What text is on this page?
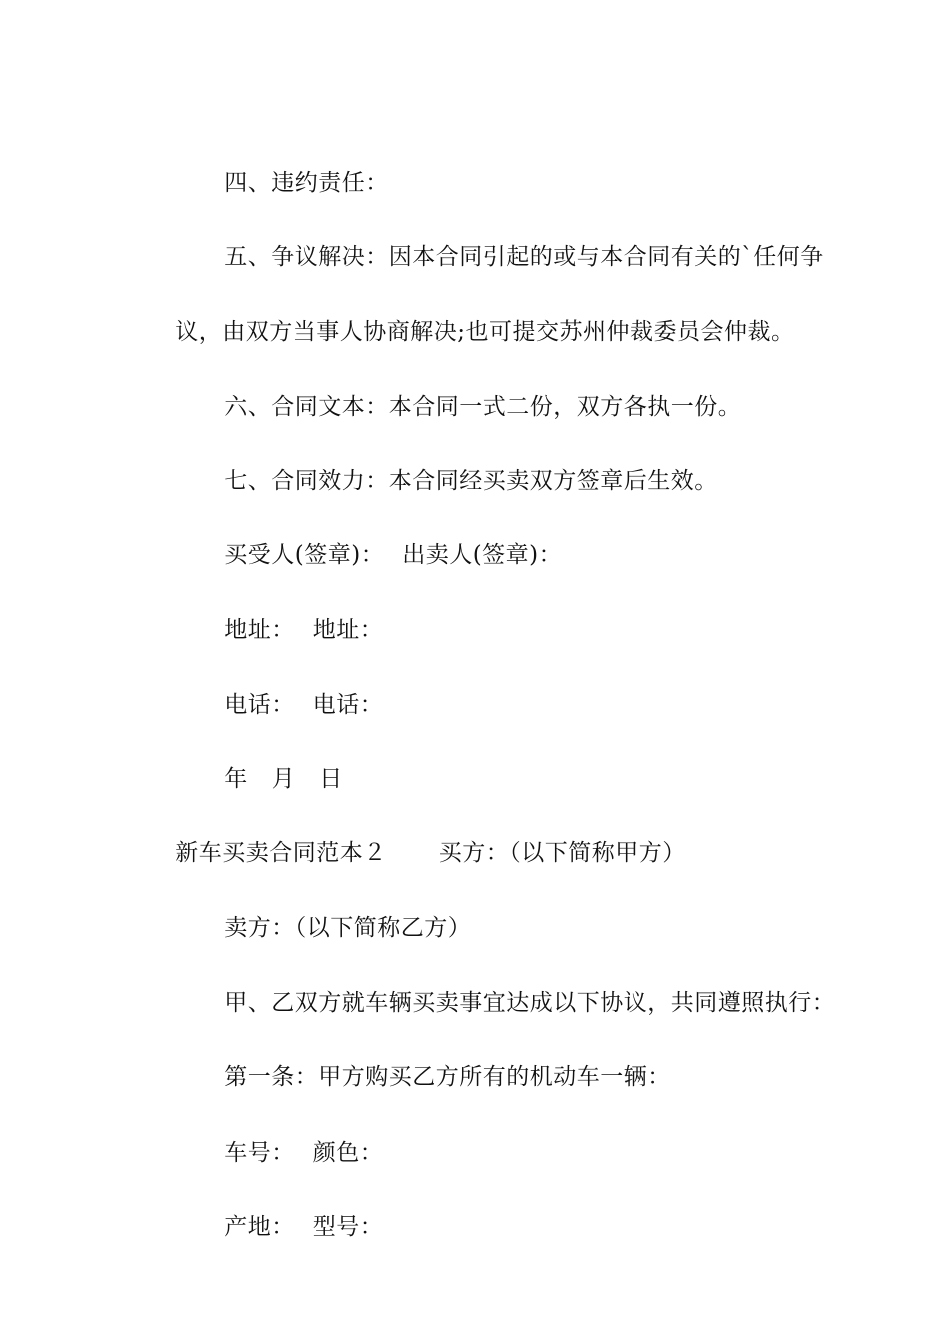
四、违约责任：

五、争议解决：因本合同引起的或与本合同有关的`任何争

议，由双方当事人协商解决;也可提交苏州仲裁委员会仲裁。

六、合同文本：本合同一式二份，双方各执一份。

七、合同效力：本合同经买卖双方签章后生效。

买受人(签章)： 出卖人(签章)：

地址： 地址：

电话： 电话：

年 月 日

新车买卖合同范本２ 买方：（以下简称甲方）

卖方：（以下简称乙方）

甲、乙双方就车辆买卖事宜达成以下协议，共同遵照执行：

第一条：甲方购买乙方所有的机动车一辆：

车号： 颜色：

产地： 型号：
